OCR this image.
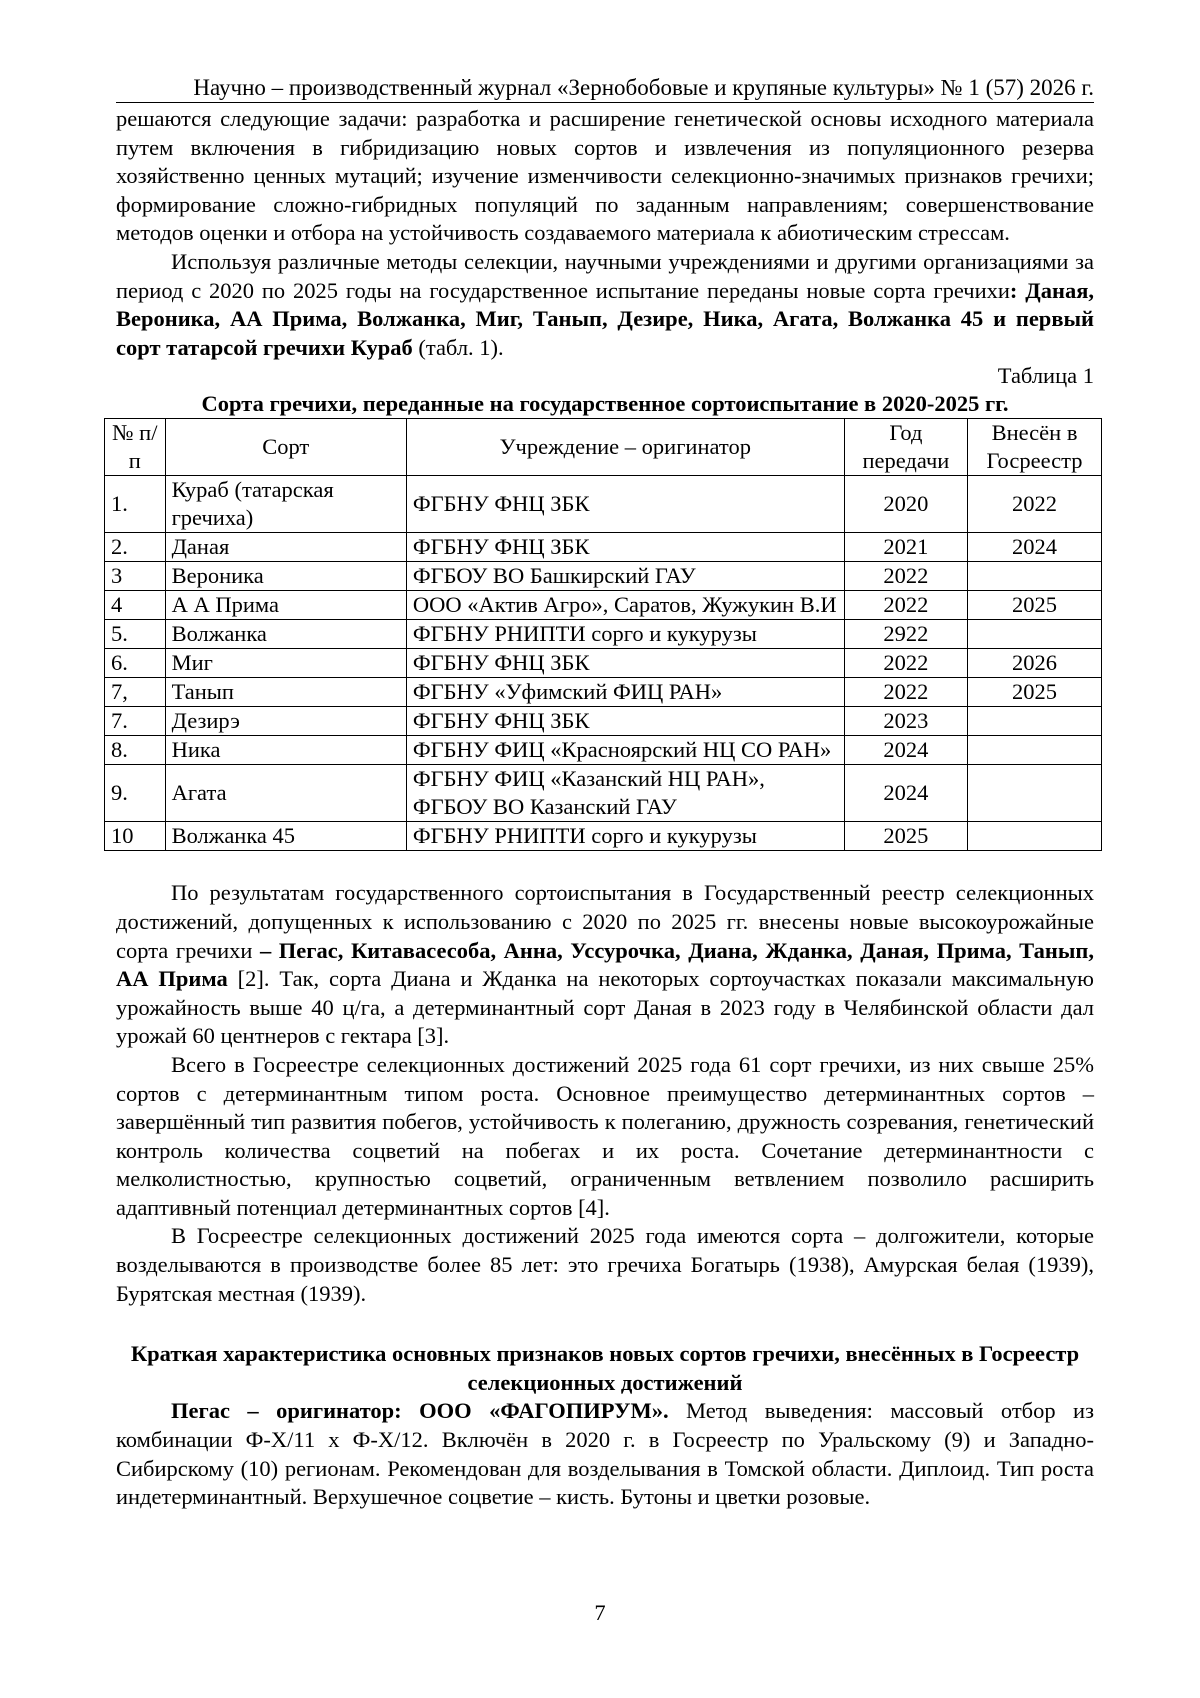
Научно – производственный журнал «Зернобобовые и крупяные культуры» № 1 (57) 2026 г.

решаются следующие задачи: разработка и расширение генетической основы исходного материала путем включения в гибридизацию новых сортов и извлечения из популяционного резерва хозяйственно ценных мутаций; изучение изменчивости селекционно-значимых признаков гречихи; формирование сложно-гибридных популяций по заданным направлениям; совершенствование методов оценки и отбора на устойчивость создаваемого материала к абиотическим стрессам.

Используя различные методы селекции, научными учреждениями и другими организациями за период с 2020 по 2025 годы на государственное испытание переданы новые сорта гречихи: Даная, Вероника, АА Прима, Волжанка, Миг, Танып, Дезире, Ника, Агата, Волжанка 45 и первый сорт татарсой гречихи Кураб (табл. 1).

Таблица 1
Сорта гречихи, переданные на государственное сортоиспытание в 2020-2025 гг.
№ п/п	Сорт	Учреждение – оригинатор	Год передачи	Внесён в Госреестр
1.	Кураб (татарская гречиха)	ФГБНУ ФНЦ ЗБК	2020	2022
2.	Даная	ФГБНУ ФНЦ ЗБК	2021	2024
3	Вероника	ФГБОУ ВО Башкирский ГАУ	2022	
4	А А Прима	ООО «Актив Агро», Саратов, Жужукин В.И	2022	2025
5.	Волжанка	ФГБНУ РНИПТИ сорго и кукурузы	2922	
6.	Миг	ФГБНУ ФНЦ ЗБК	2022	2026
7,	Танып	ФГБНУ «Уфимский ФИЦ РАН»	2022	2025
7.	Дезирэ	ФГБНУ ФНЦ ЗБК	2023	
8.	Ника	ФГБНУ ФИЦ «Красноярский НЦ СО РАН»	2024	
9.	Агата	ФГБНУ ФИЦ «Казанский НЦ РАН», ФГБОУ ВО Казанский ГАУ	2024	
10	Волжанка 45	ФГБНУ РНИПТИ сорго и кукурузы	2025	

По результатам государственного сортоиспытания в Государственный реестр селекционных достижений, допущенных к использованию с 2020 по 2025 гг. внесены новые высокоурожайные сорта гречихи – Пегас, Китавасесоба, Анна, Уссурочка, Диана, Жданка, Даная, Прима, Танып, АА Прима [2]. Так, сорта Диана и Жданка на некоторых сортоучастках показали максимальную урожайность выше 40 ц/га, а детерминантный сорт Даная в 2023 году в Челябинской области дал урожай 60 центнеров с гектара [3].

Всего в Госреестре селекционных достижений 2025 года 61 сорт гречихи, из них свыше 25% сортов с детерминантным типом роста. Основное преимущество детерминантных сортов – завершённый тип развития побегов, устойчивость к полеганию, дружность созревания, генетический контроль количества соцветий на побегах и их роста. Сочетание детерминантности с мелколистностью, крупностью соцветий, ограниченным ветвлением позволило расширить адаптивный потенциал детерминантных сортов [4].

В Госреестре селекционных достижений 2025 года имеются сорта – долгожители, которые возделываются в производстве более 85 лет: это гречиха Богатырь (1938), Амурская белая (1939), Бурятская местная (1939).

Краткая характеристика основных признаков новых сортов гречихи, внесённых в Госреестр селекционных достижений

Пегас – оригинатор: ООО «ФАГОПИРУМ». Метод выведения: массовый отбор из комбинации Ф-Х/11 х Ф-Х/12. Включён в 2020 г. в Госреестр по Уральскому (9) и Западно-Сибирскому (10) регионам. Рекомендован для возделывания в Томской области. Диплоид. Тип роста индетерминантный. Верхушечное соцветие – кисть. Бутоны и цветки розовые.

7
